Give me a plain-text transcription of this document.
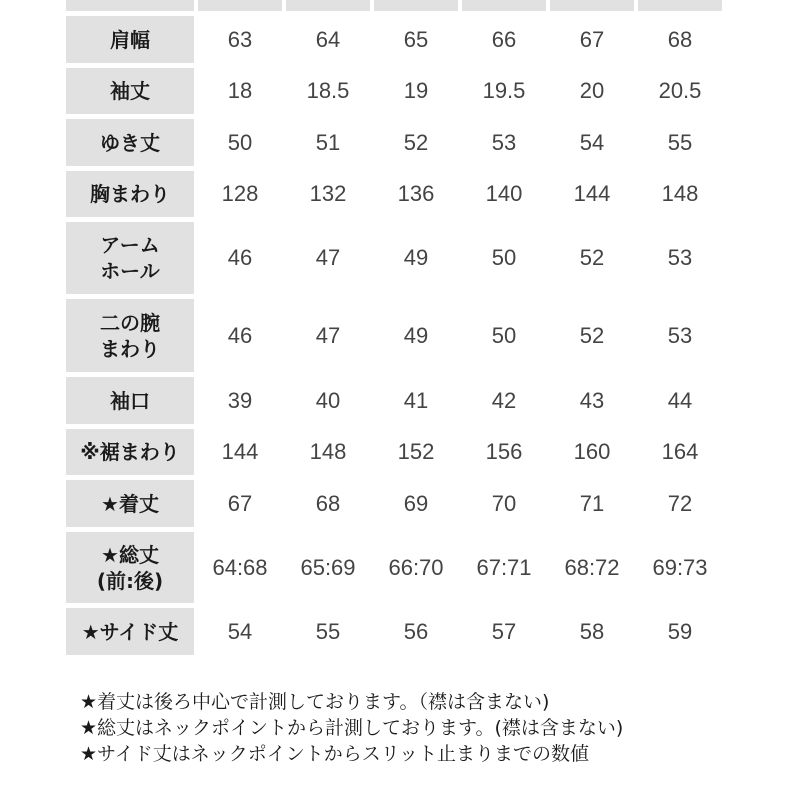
肩幅	63	64	65	66	67	68
袖丈	18	18.5	19	19.5	20	20.5
ゆき丈	50	51	52	53	54	55
胸まわり	128	132	136	140	144	148
アーム
ホール	46	47	49	50	52	53
二の腕
まわり	46	47	49	50	52	53
袖口	39	40	41	42	43	44
※裾まわり	144	148	152	156	160	164
★着丈	67	68	69	70	71	72
★総丈
(前:後)	64:68	65:69	66:70	67:71	68:72	69:73
★サイド丈	54	55	56	57	58	59

★着丈は後ろ中心で計測しております。（襟は含まない)

★総丈はネックポイントから計測しております。(襟は含まない)

★サイド丈はネックポイントからスリット止まりまでの数値
